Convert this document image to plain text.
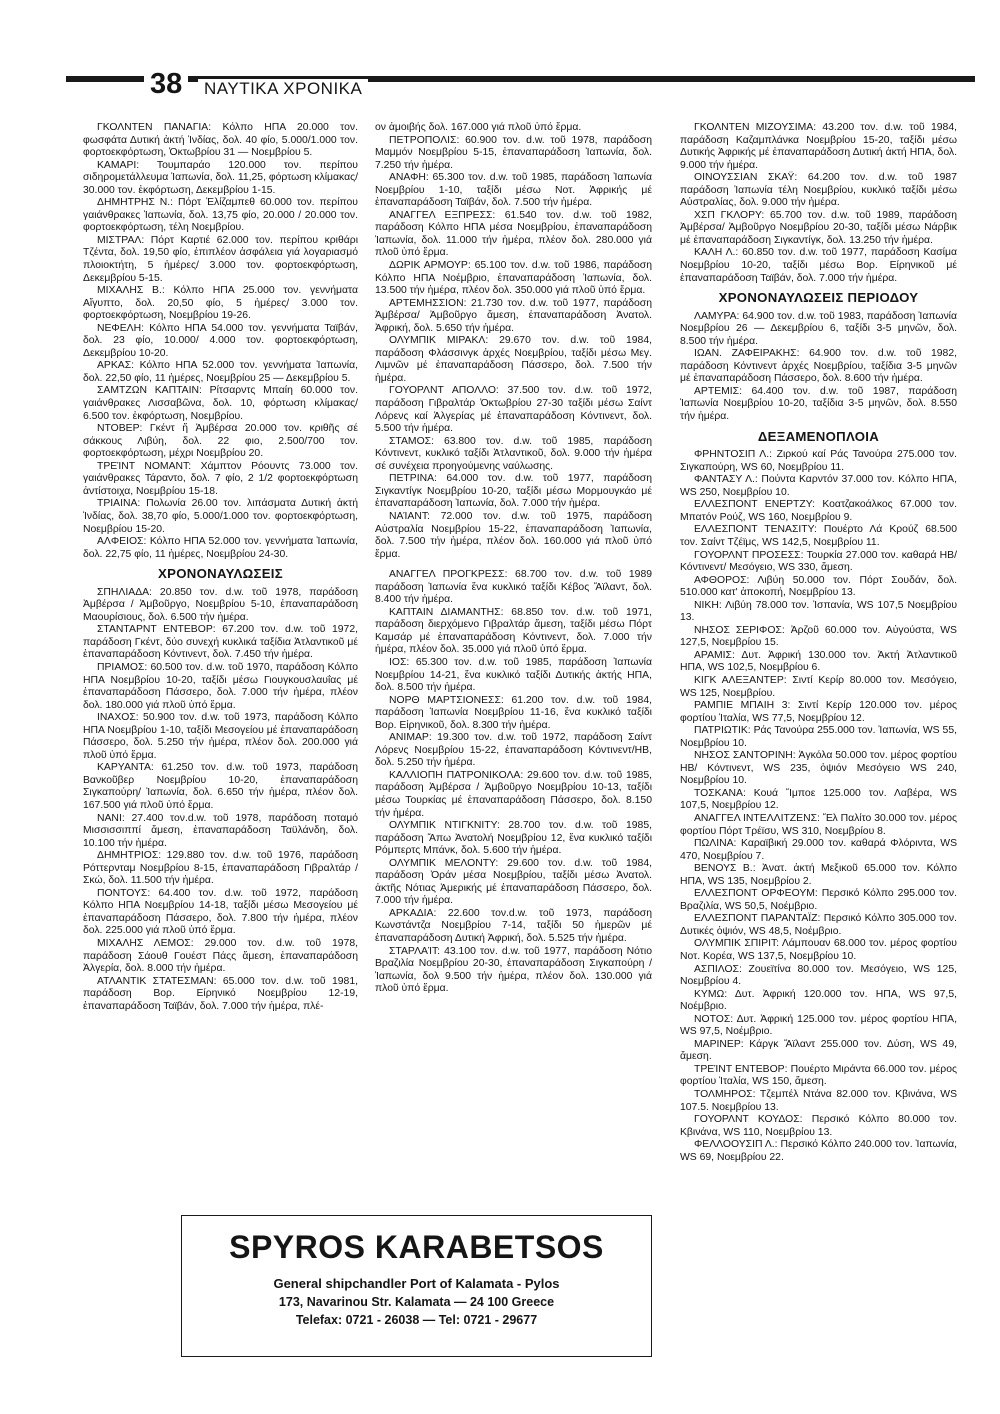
38	ΝΑΥΤΙΚΑ ΧΡΟΝΙΚΑ

ΓΚΟΛΝΤΕΝ ΠΑΝΑΓΙΑ: Κόλπο ΗΠΑ 20.000 τον. φωσφάτα Δυτική ἀκτή Ἰνδίας, δολ. 40 φίο, 5.000/1.000 τον. φορτοεκφόρτωση, Ὀκτωβρίου 31 — Νοεμβρίου 5.

ΚΑΜΑΡΙ: Τουμπαράο 120.000 τον. περίπου σιδηρομετάλλευμα Ἰαπωνία, δολ. 11,25, φόρτωση κλίμακας/ 30.000 τον. ἐκφόρτωση, Δεκεμβρίου 1-15.

ΔΗΜΗΤΡΗΣ Ν.: Πόρτ Ἐλίζαμπεθ 60.000 τον. περίπου γαιάνθρακες Ἰαπωνία, δολ. 13,75 φίο, 20.000 / 20.000 τον. φορτοεκφόρτωση, τέλη Νοεμβρίου.

ΜΙΣΤΡΑΛ: Πόρτ Καρτιέ 62.000 τον. περίπου κριθάρι Τζέντα, δολ. 19,50 φίο, ἐπιπλέον ἀσφάλεια γιά λογαριασμό πλοιοκτήτη, 5 ἡμέρες/ 3.000 τον. φορτοεκφόρτωση, Δεκεμβρίου 5-15.

ΜΙΧΑΛΗΣ Β.: Κόλπο ΗΠΑ 25.000 τον. γεννήματα Αἴγυπτο, δολ. 20,50 φίο, 5 ἡμέρες/ 3.000 τον. φορτοεκφόρτωση, Νοεμβρίου 19-26.

ΝΕΦΕΛΗ: Κόλπο ΗΠΑ 54.000 τον. γεννήματα Ταϊβάν, δολ. 23 φίο, 10.000/ 4.000 τον. φορτοεκφόρτωση, Δεκεμβρίου 10-20.

ΑΡΚΑΣ: Κόλπο ΗΠΑ 52.000 τον. γεννήματα Ἰαπωνία, δολ. 22,50 φίο, 11 ἡμέρες, Νοεμβρίου 25 — Δεκεμβρίου 5.

ΣΑΜΤΖΩΝ ΚΑΠΤΑΙΝ: Ρίτσαρντς Μπαίη 60.000 τον. γαιάνθρακες Λισσαβῶνα, δολ. 10, φόρτωση κλίμακας/ 6.500 τον. ἐκφόρτωση, Νοεμβρίου.

ΝΤΟΒΕΡ: Γκέντ ἤ Ἀμβέρσα 20.000 τον. κριθῆς σέ σάκκους Λιβύη, δολ. 22 φιο, 2.500/700 τον. φορτοεκφόρτωση, μέχρι Νοεμβρίου 20.

ΤΡΕΊΝΤ ΝΟΜΑΝΤ: Χάμπτον Ρόουντς 73.000 τον. γαιάνθρακες Τάραντο, δολ. 7 φίο, 2 1/2 φορτοεκφόρτωση ἀντίστοιχα, Νοεμβρίου 15-18.

ΤΡΙΑΙΝΑ: Πολωνία 26.00 τον. λιπάσματα Δυτική ἀκτή Ἰνδίας, δολ. 38,70 φίο, 5.000/1.000 τον. φορτοεκφόρτωση, Νοεμβρίου 15-20.

ΑΛΦΕΙΟΣ: Κόλπο ΗΠΑ 52.000 τον. γεννήματα Ἰαπωνία, δολ. 22,75 φίο, 11 ἡμέρες, Νοεμβρίου 24-30.

ΧΡΟΝΟΝΑΥΛΩΣΕΙΣ

ΣΠΗΛΙΑΔΑ: 20.850 τον. d.w. τοῦ 1978, παράδοση Ἀμβέρσα / Ἀμβοῦργο, Νοεμβρίου 5-10, ἐπαναπαράδοση Μαουρίσιους, δολ. 6.500 τήν ἡμέρα.

ΣΤΑΝΤΑΡΝΤ ΕΝΤΕΒΟΡ: 67.200 τον. d.w. τοῦ 1972, παράδοση Γκέντ, δύο συνεχή κυκλικά ταξίδια Ἀτλαντικοῦ μέ ἐπαναπαράδοση Κόντινεντ, δολ. 7.450 τήν ἡμέρα.

ΠΡΙΑΜΟΣ: 60.500 τον. d.w. τοῦ 1970, παράδοση Κόλπο ΗΠΑ Νοεμβρίου 10-20, ταξίδι μέσω Γιουγκουσλαυΐας μέ ἐπαναπαράδοση Πάσσερο, δολ. 7.000 τήν ἡμέρα, πλέον δολ. 180.000 γιά πλοῦ ὑπό ἕρμα.

ΙΝΑΧΟΣ: 50.900 τον. d.w. τοῦ 1973, παράδοση Κόλπο ΗΠΑ Νοεμβρίου 1-10, ταξίδι Μεσογείου μέ ἐπαναπαράδοση Πάσσερο, δολ. 5.250 τήν ἡμέρα, πλέον δολ. 200.000 γιά πλοῦ ὑπό ἕρμα.

ΚΑΡΥΑΝΤΑ: 61.250 τον. d.w. τοῦ 1973, παράδοση Βανκοῦβερ Νοεμβρίου 10-20, ἐπαναπαράδοση Σιγκαπούρη/ Ἰαπωνία, δολ. 6.650 τήν ἡμέρα, πλέον δολ. 167.500 γιά πλοῦ ὑπό ἕρμα.

ΝΑΝΙ: 27.400 τον.d.w. τοῦ 1978, παράδοση ποταμό Μισσισσιππί ἄμεση, ἐπαναπαράδοση Ταϋλάνδη, δολ. 10.100 τήν ἡμέρα.

ΔΗΜΗΤΡΙΟΣ: 129.880 τον. d.w. τοῦ 1976, παράδοση Ρόττερνταμ Νοεμβρίου 8-15, ἐπαναπαράδοση Γιβραλτάρ /Σκώ, δολ. 11.500 τήν ἡμέρα.

ΠΟΝΤΟΥΣ: 64.400 τον. d.w. τοῦ 1972, παράδοση Κόλπο ΗΠΑ Νοεμβρίου 14-18, ταξίδι μέσω Μεσογείου μέ ἐπαναπαράδοση Πάσσερο, δολ. 7.800 τήν ἡμέρα, πλέον δολ. 225.000 γιά πλοῦ ὑπό ἕρμα.

ΜΙΧΑΛΗΣ ΛΕΜΟΣ: 29.000 τον. d.w. τοῦ 1978, παράδοση Σάουθ Γουέστ Πάςς ἄμεση, ἐπαναπαράδοση Ἀλγερία, δολ. 8.000 τήν ἡμέρα.

ΑΤΛΑΝΤΙΚ ΣΤΑΤΕΣΜΑΝ: 65.000 τον. d.w. τοῦ 1981, παράδοση Βορ. Είρηνικό Νοεμβρίου 12-19, ἐπαναπαράδοση Ταϊβάν, δολ. 7.000 τήν ἡμέρα, πλέ-

ον ἀμοιβής δολ. 167.000 γιά πλοῦ ὑπό ἕρμα.

ΠΕΤΡΟΠΟΛΙΣ: 60.900 τον. d.w. τοῦ 1978, παράδοση Μαμμόν Νοεμβρίου 5-15, ἐπαναπαράδοση Ἰαπωνία, δολ. 7.250 τήν ἡμέρα.

ΑΝΑΦΗ: 65.300 τον. d.w. τοῦ 1985, παράδοση Ἰαπωνία Νοεμβρίου 1-10, ταξίδι μέσω Νοτ. Ἀφρικής μέ ἐπαναπαράδοση Ταϊβάν, δολ. 7.500 τήν ἡμέρα.

ΑΝΑΓΓΕΛ ΕΞΠΡΕΣΣ: 61.540 τον. d.w. τοῦ 1982, παράδοση Κόλπο ΗΠΑ μέσα Νοεμβρίου, ἐπαναπαράδοση Ἰαπωνία, δολ. 11.000 τήν ἡμέρα, πλέον δολ. 280.000 γιά πλοῦ ὑπό ἕρμα.

ΔΩΡΙΚ ΑΡΜΟΥΡ: 65.100 τον. d.w. τοῦ 1986, παράδοση Κόλπο ΗΠΑ Νοέμβριο, ἐπαναπαράδοση Ἰαπωνία, δολ. 13.500 τήν ἡμέρα, πλέον δολ. 350.000 γιά πλοῦ ὑπό ἕρμα.

ΑΡΤΕΜΗΣΣΙΟΝ: 21.730 τον. d.w. τοῦ 1977, παράδοση Ἀμβέρσα/ Ἀμβοῦργο ἄμεση, ἐπαναπαράδοση Ἀνατολ. Ἀφρική, δολ. 5.650 τήν ἡμέρα.

ΟΛΥΜΠΙΚ ΜΙΡΑΚΛ: 29.670 τον. d.w. τοῦ 1984, παράδοση Φλάσσινγκ ἀρχές Νοεμβρίου, ταξίδι μέσω Μεγ. Λιμνῶν μέ ἐπαναπαράδοση Πάσσερο, δολ. 7.500 τήν ἡμέρα.

ΓΟΥΟΡΛΝΤ ΑΠΟΛΛΟ: 37.500 τον. d.w. τοῦ 1972, παράδοση Γιβραλτάρ Ὀκτωβρίου 27-30 ταξίδι μέσω Σαίντ Λόρενς καί Ἀλγερίας μέ ἐπαναπαράδοση Κόντινεντ, δολ. 5.500 τήν ἡμέρα.

ΣΤΑΜΟΣ: 63.800 τον. d.w. τοῦ 1985, παράδοση Κόντινεντ, κυκλικό ταξίδι Ἀτλαντικοῦ, δολ. 9.000 τήν ἡμέρα σέ συνέχεια προηγούμενης ναύλωσης.

ΠΕΤΡΙΝΑ: 64.000 τον. d.w. τοῦ 1977, παράδοση Σιγκαντίγκ Νοεμβρίου 10-20, ταξίδι μέσω Μορμουγκάο μέ ἐπαναπαράδοση Ἰαπωνία, δολ. 7.000 τήν ἡμέρα.

ΝΑΊΑΝΤ: 72.000 τον. d.w. τοῦ 1975, παράδοση Αὐστραλία Νοεμβρίου 15-22, ἐπαναπαράδοση Ἰαπωνία, δολ. 7.500 τήν ἡμέρα, πλέον δολ. 160.000 γιά πλοῦ ὑπό ἕρμα.

ΑΝΑΓΓΕΛ ΠΡΟΓΚΡΕΣΣ: 68.700 τον. d.w. τοῦ 1989 παράδοση Ἰαπωνία ἕνα κυκλικό ταξίδι Κέβος Ἄϊλαντ, δολ. 8.400 τήν ἡμέρα.

ΚΑΠΤΑΙΝ ΔΙΑΜΑΝΤΗΣ: 68.850 τον. d.w. τοῦ 1971, παράδοση διερχόμενο Γιβραλτάρ ἄμεση, ταξίδι μέσω Πόρτ Καμσάρ μέ ἐπαναπαράδοση Κόντινεντ, δολ. 7.000 τήν ἡμέρα, πλέον δολ. 35.000 γιά πλοῦ ὑπό ἕρμα.

ΙΟΣ: 65.300 τον. d.w. τοῦ 1985, παράδοση Ἰαπωνία Νοεμβρίου 14-21, ἕνα κυκλικό ταξίδι Δυτικής ἀκτής ΗΠΑ, δολ. 8.500 τήν ἡμέρα.

ΝΟΡΘ ΜΑΡΤΣΙΟΝΕΣΣ: 61.200 τον. d.w. τοῦ 1984, παράδοση Ἰαπωνία Νοεμβρίου 11-16, ἕνα κυκλικό ταξίδι Βορ. Εἰρηνικοῦ, δολ. 8.300 τήν ἡμέρα.

ΑΝΙΜΑΡ: 19.300 τον. d.w. τοῦ 1972, παράδοση Σαίντ Λόρενς Νοεμβρίου 15-22, ἐπαναπαράδοση Κόντινεντ/ΗΒ, δολ. 5.250 τήν ἡμέρα.

ΚΑΛΛΙΟΠΗ ΠΑΤΡΟΝΙΚΟΛΑ: 29.600 τον. d.w. τοῦ 1985, παράδοση Ἀμβέρσα / Ἀμβοῦργο Νοεμβρίου 10-13, ταξίδι μέσω Τουρκίας μέ ἐπαναπαράδοση Πάσσερο, δολ. 8.150 τήν ἡμέρα.

ΟΛΥΜΠΙΚ ΝΤΙΓΚΝΙΤΥ: 28.700 τον. d.w. τοῦ 1985, παράδοση Ἄπω Ἀνατολή Νοεμβρίου 12, ἕνα κυκλικό ταξίδι Ρόμπερτς Μπάνκ, δολ. 5.600 τήν ἡμέρα.

ΟΛΥΜΠΙΚ ΜΕΛΟΝΤΥ: 29.600 τον. d.w. τοῦ 1984, παράδοση Ὀράν μέσα Νοεμβρίου, ταξίδι μέσω Ἀνατολ. ἀκτῆς Νότιας Ἀμερικής μέ ἐπαναπαράδοση Πάσσερο, δολ. 7.000 τήν ἡμέρα.

ΑΡΚΑΔΙΑ: 22.600 τον.d.w. τοῦ 1973, παράδοση Κωνστάντζα Νοεμβρίου 7-14, ταξίδι 50 ἡμερῶν μέ ἐπαναπαράδοση Δυτική Ἀφρική, δολ. 5.525 τήν ἡμέρα.

ΣΤΑΡΛΑΊΤ: 43.100 τον. d.w. τοῦ 1977, παράδοση Νότιο Βραζιλία Νοεμβρίου 20-30, ἐπαναπαράδοση Σιγκαπούρη / Ἰαπωνία, δολ 9.500 τήν ἡμέρα, πλέον δολ. 130.000 γιά πλοῦ ὑπό ἕρμα.

ΓΚΟΛΝΤΕΝ ΜΙΖΟΥΣΙΜΑ: 43.200 τον. d.w. τοῦ 1984, παράδοση Καζαμπλάνκα Νοεμβρίου 15-20, ταξίδι μέσω Δυτικής Ἀφρικής μέ ἐπαναπαράδοση Δυτική ἀκτή ΗΠΑ, δολ. 9.000 τήν ἡμέρα.

ΟΙΝΟΥΣΣΙΑΝ ΣΚΑΫ: 64.200 τον. d.w. τοῦ 1987 παράδοση Ἰαπωνία τέλη Νοεμβρίου, κυκλικό ταξίδι μέσω Αὐστραλίας, δολ. 9.000 τήν ἡμέρα.

ΧΣΠ ΓΚΛΟΡΥ: 65.700 τον. d.w. τοῦ 1989, παράδοση Ἀμβέρσα/ Ἀμβοῦργο Νοεμβρίου 20-30, ταξίδι μέσω Νάρβικ μέ ἐπαναπαράδοση Σιγκαντίγκ, δολ. 13.250 τήν ἡμέρα.

ΚΑΛΗ Λ.: 60.850 τον. d.w. τοῦ 1977, παράδοση Κασίμα Νοεμβρίου 10-20, ταξίδι μέσω Βορ. Είρηνικοῦ μέ ἐπαναπαράδοση Ταϊβάν, δολ. 7.000 τήν ἡμέρα.

ΧΡΟΝΟΝΑΥΛΩΣΕΙΣ ΠΕΡΙΟΔΟΥ

ΛΑΜΥΡΑ: 64.900 τον. d.w. τοῦ 1983, παράδοση Ἰαπωνία Νοεμβρίου 26 — Δεκεμβρίου 6, ταξίδι 3-5 μηνῶν, δολ. 8.500 τήν ἡμέρα.

ΙΩΑΝ. ΖΑΦΕΙΡΑΚΗΣ: 64.900 τον. d.w. τοῦ 1982, παράδοση Κόντινεντ ἀρχές Νοεμβρίου, ταξίδια 3-5 μηνῶν μέ ἐπαναπαράδοση Πάσσερο, δολ. 8.600 τήν ἡμέρα.

ΑΡΤΕΜΙΣ: 64.400 τον. d.w. τοῦ 1987, παράδοση Ἰαπωνία Νοεμβρίου 10-20, ταξίδια 3-5 μηνῶν, δολ. 8.550 τήν ἡμέρα.

ΔΕΞΑΜΕΝΟΠΛΟΙΑ

ΦΡΗΝΤΟΣΙΠ Λ.: Ζιρκού καί Ράς Τανούρα 275.000 τον. Σιγκαπούρη, WS 60, Νοεμβρίου 11.

ΦΑΝΤΑΣΥ Λ.: Πούντα Καρντόν 37.000 τον. Κόλπο ΗΠΑ, WS 250, Νοεμβρίου 10.

ΕΛΛΕΣΠΟΝΤ ΕΝΕΡΤΖΥ: Κοατζακοάλκος 67.000 τον. Μπατόν Ρούζ, WS 160, Νοεμβρίου 9.

ΕΛΛΕΣΠΟΝΤ ΤΕΝΑΣΙΤΥ: Πουέρτο Λά Κρούζ 68.500 τον. Σαίντ Τζέϊμς, WS 142,5, Νοεμβρίου 11.

ΓΟΥΟΡΛΝΤ ΠΡΟΣΕΣΣ: Τουρκία 27.000 τον. καθαρά ΗΒ/Κόντινεντ/ Μεσόγειο, WS 330, ἄμεση.

ΑΦΘΟΡΟΣ: Λιβύη 50.000 τον. Πόρτ Σουδάν, δολ. 510.000 κατ' ἀποκοπή, Νοεμβρίου 13.

ΝΙΚΗ: Λιβύη 78.000 τον. Ἰσπανία, WS 107,5 Νοεμβρίου 13.

ΝΗΣΟΣ ΣΕΡΙΦΟΣ: Ἀρζοῦ 60.000 τον. Αὐγούστα, WS 127,5, Νοεμβρίου 15.

ΑΡΑΜΙΣ: Δυτ. Ἀφρική 130.000 τον. Ἀκτή Ἀτλαντικοῦ ΗΠΑ, WS 102,5, Νοεμβρίου 6.

ΚΙΓΚ ΑΛΕΞΑΝΤΕΡ: Σιντί Κερίρ 80.000 τον. Μεσόγειο, WS 125, Νοεμβρίου.

ΡΑΜΠΙΕ ΜΠΑΙΗ 3: Σιντί Κερίρ 120.000 τον. μέρος φορτίου Ἰταλία, WS 77,5, Νοεμβρίου 12.

ΠΑΤΡΙΩΤΙΚ: Ράς Τανούρα 255.000 τον. Ἰαπωνία, WS 55, Νοεμβρίου 10.

ΝΗΣΟΣ ΣΑΝΤΟΡΙΝΗ: Ἀγκόλα 50.000 τον. μέρος φορτίου ΗΒ/ Κόντινεντ, WS 235, ὀψιόν Μεσόγειο WS 240, Νοεμβρίου 10.

ΤΟΣΚΑΝΑ: Κουά Ἴμποε 125.000 τον. Λαβέρα, WS 107,5, Νοεμβρίου 12.

ΑΝΑΓΓΕΛ ΙΝΤΕΛΛΙΤΖΕΝΣ: Ἔλ Παλίτο 30.000 τον. μέρος φορτίου Πόρτ Τρέϊσυ, WS 310, Νοεμβρίου 8.

ΠΩΛΙΝΑ: Καραϊβική 29.000 τον. καθαρά Φλόριντα, WS 470, Νοεμβρίου 7.

ΒΕΝΟΥΣ Β.: Ἀνατ. ἀκτή Μεξικοῦ 65.000 τον. Κόλπο ΗΠΑ, WS 135, Νοεμβρίου 2.

ΕΛΛΕΣΠΟΝΤ ΟΡΦΕΟΥΜ: Περσικό Κόλπο 295.000 τον. Βραζιλία, WS 50,5, Νοέμβριο.

ΕΛΛΕΣΠΟΝΤ ΠΑΡΑΝΤΑΪΖ: Περσικό Κόλπο 305.000 τον. Δυτικές ὀψιόν, WS 48,5, Νοέμβριο.

ΟΛΥΜΠΙΚ ΣΠΙΡΙΤ: Λάμπουαν 68.000 τον. μέρος φορτίου Νοτ. Κορέα, WS 137,5, Νοεμβρίου 10.

ΑΣΠΙΛΟΣ: Ζουεϊτίνα 80.000 τον. Μεσόγειο, WS 125, Νοεμβρίου 4.

ΚΥΜΩ: Δυτ. Ἀφρική 120.000 τον. ΗΠΑ, WS 97,5, Νοέμβριο.

ΝΟΤΟΣ: Δυτ. Ἀφρική 125.000 τον. μέρος φορτίου ΗΠΑ, WS 97,5, Νοέμβριο.

ΜΑΡΙΝΕΡ: Κάργκ Ἄϊλαντ 255.000 τον. Δύση, WS 49, ἄμεση.

ΤΡΕΊΝΤ ΕΝΤΕΒΟΡ: Πουέρτο Μιράντα 66.000 τον. μέρος φορτίου Ἰταλία, WS 150, ἄμεση.

ΤΟΛΜΗΡΟΣ: Τζεμπέλ Ντάνα 82.000 τον. Κβινάνα, WS 107.5. Νοεμβρίου 13.

ΓΟΥΟΡΛΝΤ ΚΟΥΔΟΣ: Περσικό Κόλπο 80.000 τον. Κβινάνα, WS 110, Νοεμβρίου 13.

ΦΕΛΛΟΟΥΣΙΠ Λ.: Περσικό Κόλπο 240.000 τον. Ἰαπωνία, WS 69, Νοεμβρίου 22.

SPYROS KARABETSOS
General shipchandler Port of Kalamata - Pylos
173, Navarinou Str. Kalamata — 24 100 Greece
Telefax: 0721 - 26038 — Tel: 0721 - 29677
